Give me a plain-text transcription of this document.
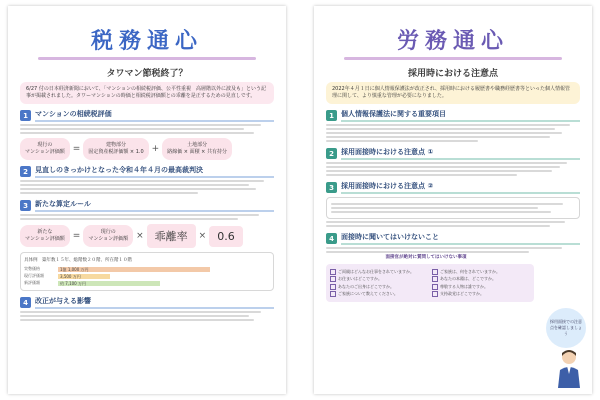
税務通心
タワマン節税終了？
6/27 付の日本経済新聞において、「マンションの相続税評価、公平性重視　高層階以外に波及も」という記事が掲載されました。タワーマンションの時価と相続税評価額との乖離を是正するための見直しです。
1	マンションの相続税評価
現行の
マンション評価額 =	建物部分
固定資産税評価額 × 1.0 +	土地部分
路線価 × 面積 × 共有持分
2	見直しのきっかけとなった令和４年４月の最高裁判決
3	新たな算定ルール
新たな
マンション評価額 =	現行の
マンション評価額 ×	乖離率	×	0.6
具体例　築年数１５年、総階数２０階、所在階１０階
実勢価格	1億 1,000 万円
現行評価額	3,500 万円
新評価額	約 7,100 万円
4	改正が与える影響
労務通心
採用時における注意点
2022年４月１日に個人情報保護法が改正され、採用時における履歴書や職務経歴書等といった個人情報管理に関して、より慎重な管理が必要になりました。
1	個人情報保護法に関する重要項目
2	採用面接時における注意点 ①
3	採用面接時における注意点 ②
4	面接時に聞いてはいけないこと
面接官が絶対に質問してはいけない事項
ご両親はどんなお仕事をされていますか。
お住まいはどこですか。
あなたのご出身はどこですか。
ご家族について教えてください。
ご家族は、何をされていますか。
あなたの本籍は、どこですか。
尊敬する人物は誰ですか。
支持政党はどこですか。
採用面接での注意点を確認しましょう
